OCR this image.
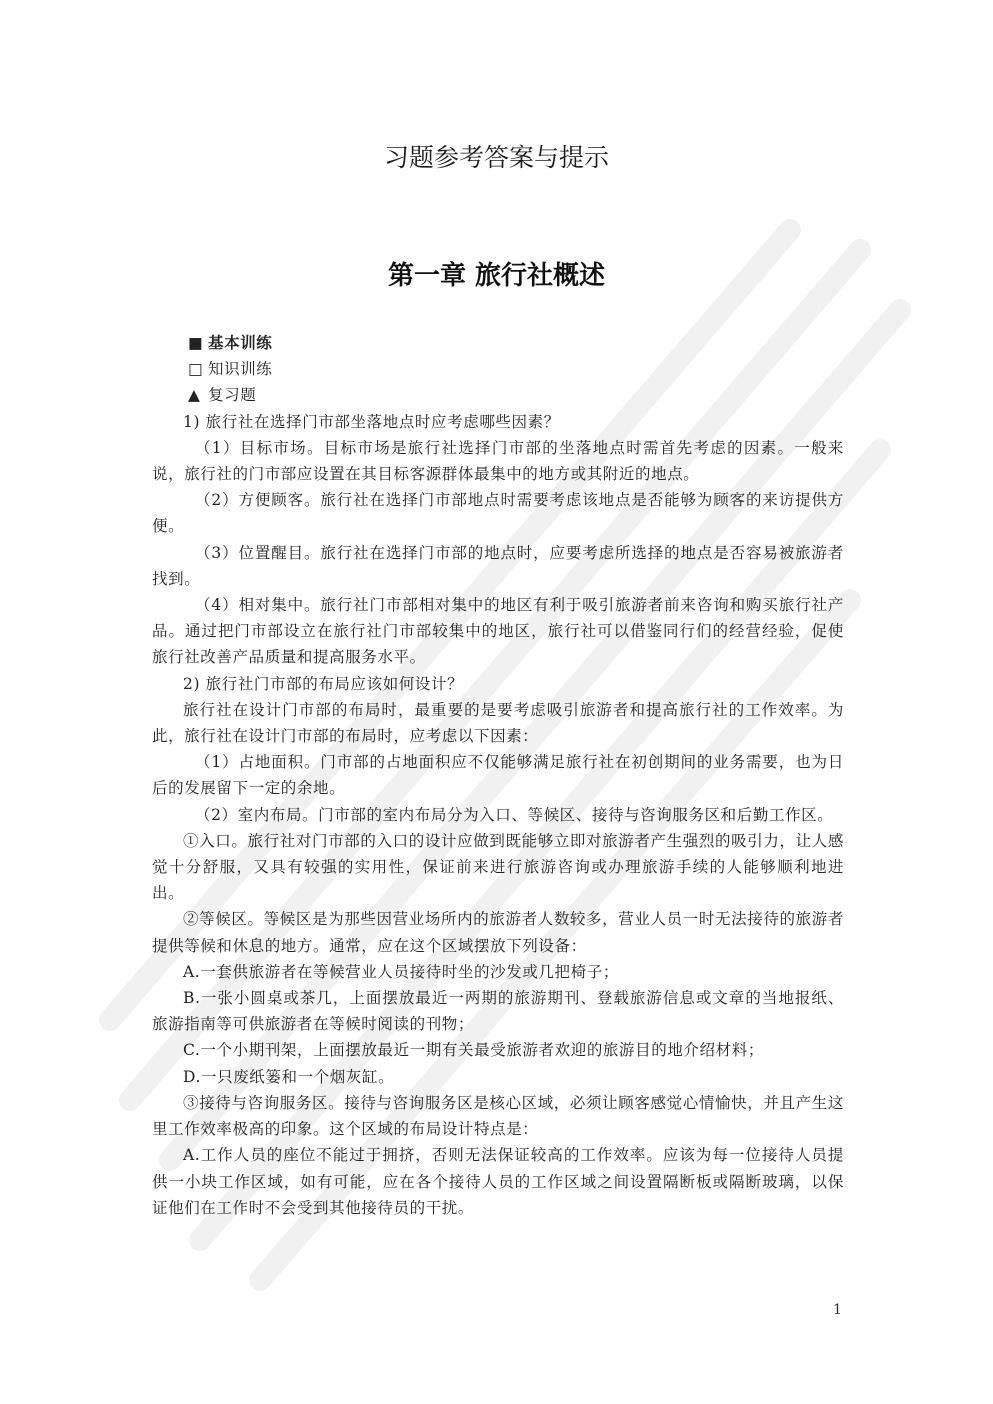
习题参考答案与提示
第一章 旅行社概述

■ 基本训练

□ 知识训练

▲ 复习题

1) 旅行社在选择门市部坐落地点时应考虑哪些因素？

（1）目标市场。目标市场是旅行社选择门市部的坐落地点时需首先考虑的因素。一般来说，旅行社的门市部应设置在其目标客源群体最集中的地方或其附近的地点。

（2）方便顾客。旅行社在选择门市部地点时需要考虑该地点是否能够为顾客的来访提供方便。

（3）位置醒目。旅行社在选择门市部的地点时，应要考虑所选择的地点是否容易被旅游者找到。

（4）相对集中。旅行社门市部相对集中的地区有利于吸引旅游者前来咨询和购买旅行社产品。通过把门市部设立在旅行社门市部较集中的地区，旅行社可以借鉴同行们的经营经验，促使旅行社改善产品质量和提高服务水平。

2) 旅行社门市部的布局应该如何设计？

旅行社在设计门市部的布局时，最重要的是要考虑吸引旅游者和提高旅行社的工作效率。为此，旅行社在设计门市部的布局时，应考虑以下因素：

（1）占地面积。门市部的占地面积应不仅能够满足旅行社在初创期间的业务需要，也为日后的发展留下一定的余地。

（2）室内布局。门市部的室内布局分为入口、等候区、接待与咨询服务区和后勤工作区。

①入口。旅行社对门市部的入口的设计应做到既能够立即对旅游者产生强烈的吸引力，让人感觉十分舒服，又具有较强的实用性，保证前来进行旅游咨询或办理旅游手续的人能够顺利地进出。

②等候区。等候区是为那些因营业场所内的旅游者人数较多，营业人员一时无法接待的旅游者提供等候和休息的地方。通常，应在这个区域摆放下列设备：

A.一套供旅游者在等候营业人员接待时坐的沙发或几把椅子；

B.一张小圆桌或茶几，上面摆放最近一两期的旅游期刊、登载旅游信息或文章的当地报纸、旅游指南等可供旅游者在等候时阅读的刊物；

C.一个小期刊架，上面摆放最近一期有关最受旅游者欢迎的旅游目的地介绍材料；

D.一只废纸篓和一个烟灰缸。

③接待与咨询服务区。接待与咨询服务区是核心区域，必须让顾客感觉心情愉快，并且产生这里工作效率极高的印象。这个区域的布局设计特点是：

A.工作人员的座位不能过于拥挤，否则无法保证较高的工作效率。应该为每一位接待人员提供一小块工作区域，如有可能，应在各个接待人员的工作区域之间设置隔断板或隔断玻璃，以保证他们在工作时不会受到其他接待员的干扰。

1
